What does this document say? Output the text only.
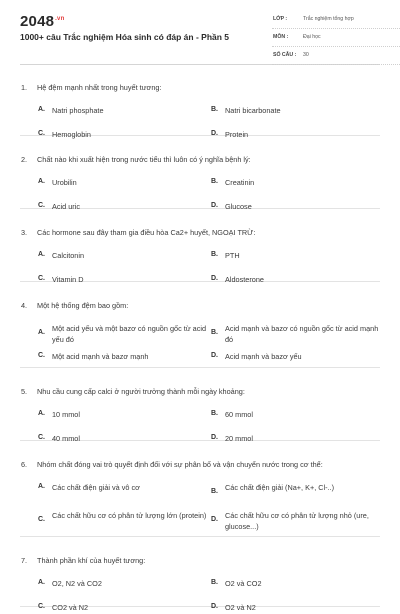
$2048^{.vn}$
1000+ câu Trắc nghiệm Hóa sinh có đáp án - Phần 5
LỚP :	Trắc nghiệm tổng hợp
MÔN :	Đại học
SỐ CÂU : 30
1. Hệ đệm mạnh nhất trong huyết tương:
A. Natri phosphate	B. Natri bicarbonate
C. Hemoglobin	D. Protein
2. Chất nào khi xuất hiện trong nước tiểu thì luôn có ý nghĩa bệnh lý:
A. Urobilin	B. Creatinin
C. Acid uric	D. Glucose
3. Các hormone sau đây tham gia điều hòa Ca2+ huyết, NGOẠI TRỪ:
A. Calcitonin	B. PTH
C. Vitamin D	D. Aldosterone
4. Một hệ thống đệm bao gồm:
A. Một acid yếu và một bazơ có nguồn gốc từ acid yếu đó
B. Acid mạnh và bazơ có nguồn gốc từ acid mạnh đó
C. Một acid mạnh và bazơ mạnh	D. Acid mạnh và bazơ yếu
5. Nhu cầu cung cấp calci ở người trưởng thành mỗi ngày khoảng:
A. 10 mmol	B. 60 mmol
C. 40 mmol	D. 20 mmol
6. Nhóm chất đóng vai trò quyết định đối với sự phân bố và vận chuyển nước trong cơ thể:
A. Các chất điện giải và vô cơ	B. Các chất điện giải (Na+, K+, Cl-..)
C. Các chất hữu cơ có phân tử lượng lớn (protein) D. Các chất hữu cơ có phân tử lượng nhỏ (ure, glucose...)
7. Thành phần khí của huyết tương:
A. O2, N2 và CO2	B. O2 và CO2
C. CO2 và N2	D. O2 và N2
